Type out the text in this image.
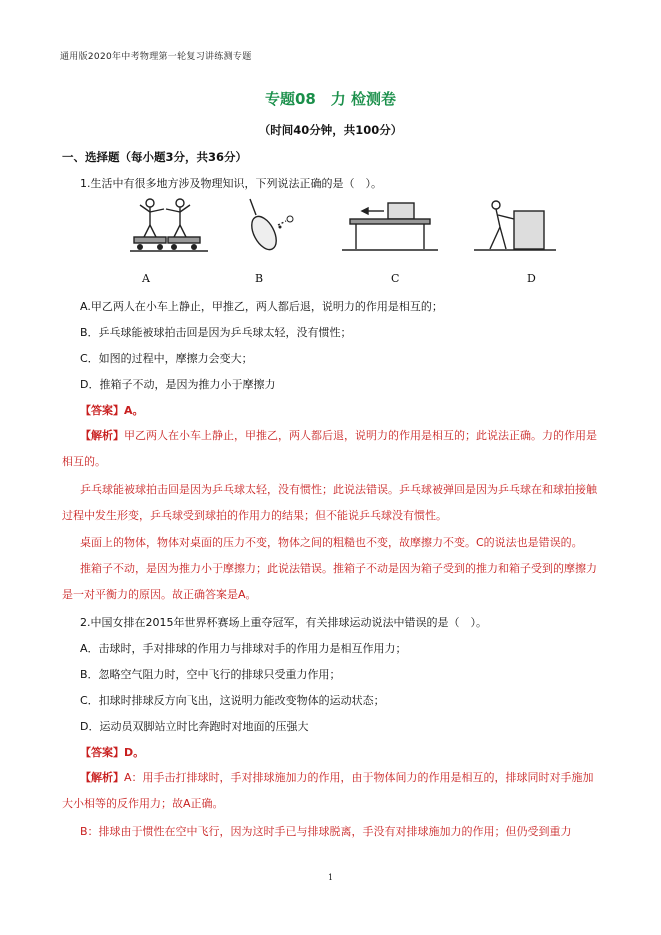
通用版2020年中考物理第一轮复习讲练测专题
专题08　力 检测卷
（时间40分钟，共100分）
一、选择题（每小题3分，共36分）
1.生活中有很多地方涉及物理知识，下列说法正确的是（　）。
A	B	C	D
A.甲乙两人在小车上静止，甲推乙，两人都后退，说明力的作用是相互的；
B．乒乓球能被球拍击回是因为乒乓球太轻，没有惯性；
C．如图的过程中，摩擦力会变大；
D．推箱子不动，是因为推力小于摩擦力
【答案】A。
【解析】甲乙两人在小车上静止，甲推乙，两人都后退，说明力的作用是相互的；此说法正确。力的作用是相互的。
乒乓球能被球拍击回是因为乒乓球太轻，没有惯性；此说法错误。乒乓球被弹回是因为乒乓球在和球拍接触过程中发生形变，乒乓球受到球拍的作用力的结果；但不能说乒乓球没有惯性。
桌面上的物体，物体对桌面的压力不变，物体之间的粗糙也不变，故摩擦力不变。C的说法也是错误的。
推箱子不动，是因为推力小于摩擦力；此说法错误。推箱子不动是因为箱子受到的推力和箱子受到的摩擦力是一对平衡力的原因。故正确答案是A。
2.中国女排在2015年世界杯赛场上重夺冠军，有关排球运动说法中错误的是（　）。
A．击球时，手对排球的作用力与排球对手的作用力是相互作用力；
B．忽略空气阻力时，空中飞行的排球只受重力作用；
C．扣球时排球反方向飞出，这说明力能改变物体的运动状态；
D．运动员双脚站立时比奔跑时对地面的压强大
【答案】D。
【解析】A：用手击打排球时，手对排球施加力的作用，由于物体间力的作用是相互的，排球同时对手施加大小相等的反作用力；故A正确。
B：排球由于惯性在空中飞行，因为这时手已与排球脱离，手没有对排球施加力的作用；但仍受到重力
1
